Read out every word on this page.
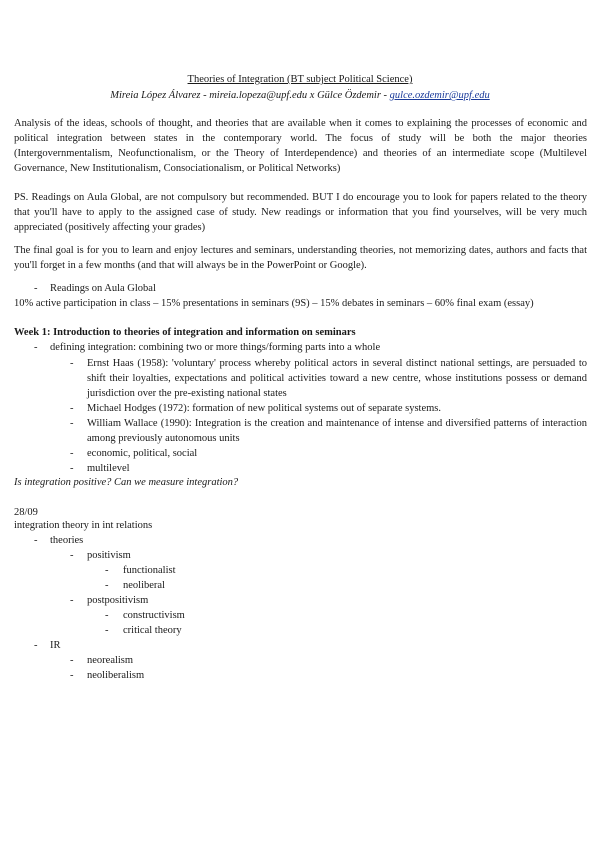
Theories of Integration (BT subject Political Science)
Mireia López Álvarez - mireia.lopeza@upf.edu x Gülce Özdemir - gulce.ozdemir@upf.edu
Analysis of the ideas, schools of thought, and theories that are available when it comes to explaining the processes of economic and political integration between states in the contemporary world. The focus of study will be both the major theories (Intergovernmentalism, Neofunctionalism, or the Theory of Interdependence) and theories of an intermediate scope (Multilevel Governance, New Institutionalism, Consociationalism, or Political Networks)
PS. Readings on Aula Global, are not compulsory but recommended. BUT I do encourage you to look for papers related to the theory that you'll have to apply to the assigned case of study. New readings or information that you find yourselves, will be very much appreciated (positively affecting your grades)
The final goal is for you to learn and enjoy lectures and seminars, understanding theories, not memorizing dates, authors and facts that you'll forget in a few months (and that will always be in the PowerPoint or Google).
- Readings on Aula Global
10% active participation in class – 15% presentations in seminars (9S) – 15% debates in seminars – 60% final exam (essay)
Week 1: Introduction to theories of integration and information on seminars
- defining integration: combining two or more things/forming parts into a whole
- Ernst Haas (1958): 'voluntary' process whereby political actors in several distinct national settings, are persuaded to shift their loyalties, expectations and political activities toward a new centre, whose institutions possess or demand jurisdiction over the pre-existing national states
- Michael Hodges (1972): formation of new political systems out of separate systems.
- William Wallace (1990): Integration is the creation and maintenance of intense and diversified patterns of interaction among previously autonomous units
- economic, political, social
- multilevel
Is integration positive? Can we measure integration?
28/09
integration theory in int relations
- theories
- positivism
- functionalist
- neoliberal
- postpositivism
- constructivism
- critical theory
- IR
- neorealism
- neoliberalism
